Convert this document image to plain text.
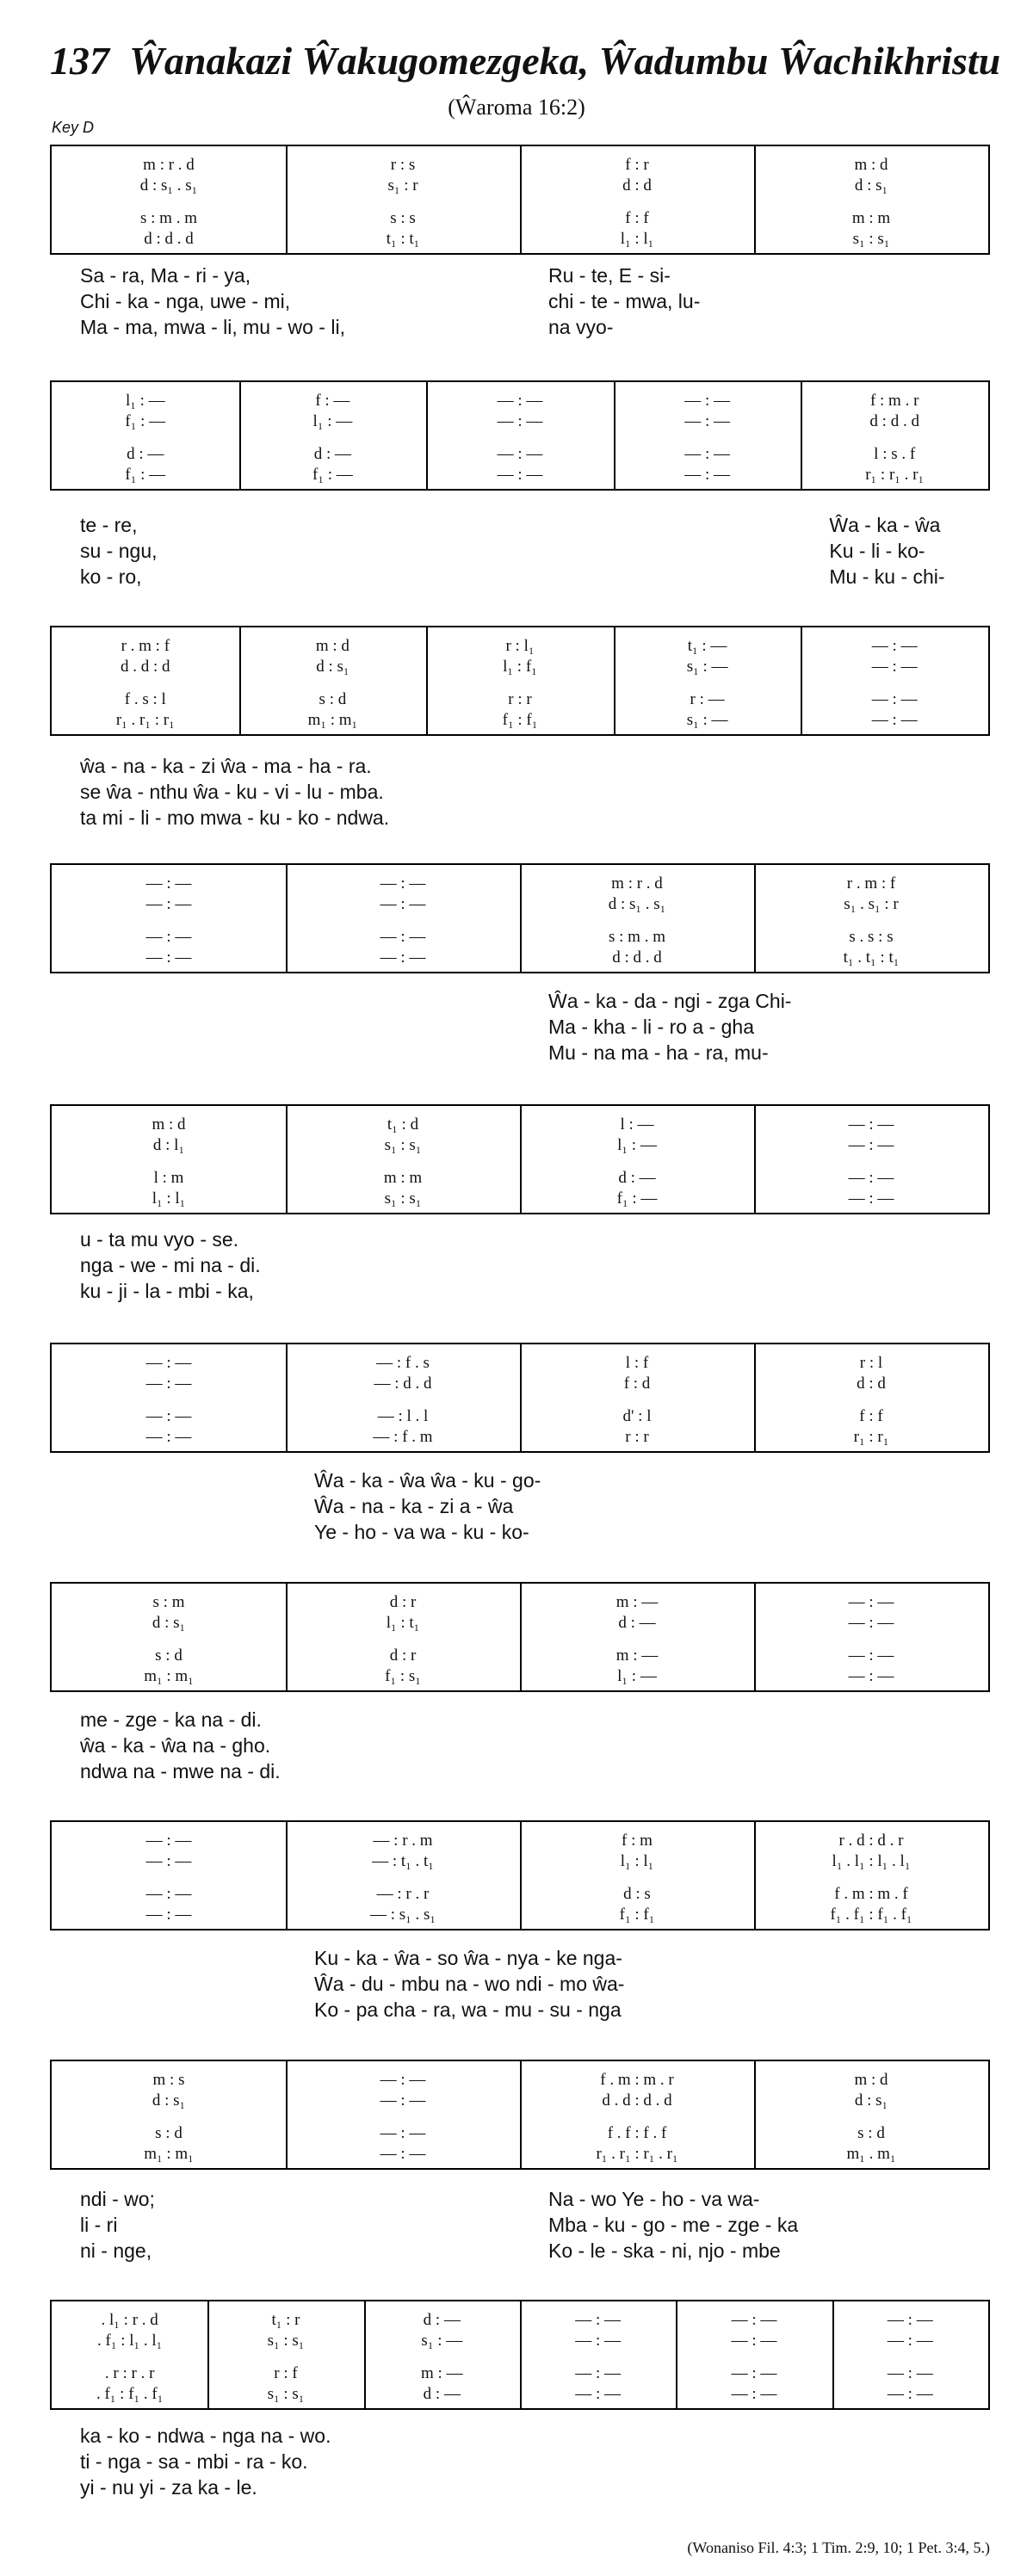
137 Ŵanakazi Ŵakugomezgeka, Ŵadumbu Ŵachikhristu
(Ŵaroma 16:2)
Key D
m : r . d
d : s₁ . s₁
s : m . m
d : d . d
r : s
s₁ : r
s : s
t₁ : t₁
f : r
d : d
f : f
l₁ : l₁
m : d
d : s₁
m : m
s₁ : s₁
Sa - ra, Ma - ri - ya,
Chi - ka - nga, uwe - mi,
Ma - ma, mwa - li, mu - wo - li,
Ru - te, E - si-
chi - te - mwa, lu-
na vyo-
l₁ : —
f₁ : —
d : —
f₁ : —
f : —
l₁ : —
d : —
f₁ : —
— : —
— : —
— : —
— : —
— : —
— : —
— : —
— : —
f : m . r
d : d . d
l : s . f
r₁ : r₁ . r₁
te - re,
su - ngu,
ko - ro,
Ŵa - ka - ŵa
Ku - li - ko-
Mu - ku - chi-
r . m : f
d . d : d
f . s : l
r₁ . r₁ : r₁
m : d
d : s₁
s : d
m₁ : m₁
r : l₁
l₁ : f₁
r : r
f₁ : f₁
t₁ : —
s₁ : —
r : —
s₁ : —
— : —
— : —
— : —
— : —
ŵa - na - ka - zi ŵa - ma - ha - ra.
se ŵa - nthu ŵa - ku - vi - lu - mba.
ta mi - li - mo mwa - ku - ko - ndwa.
— : —
— : —
— : —
— : —
— : —
— : —
— : —
— : —
m : r . d
d : s₁ . s₁
s : m . m
d : d . d
r . m : f
s₁ . s₁ : r
s . s : s
t₁ . t₁ : t₁
Ŵa - ka - da - ngi - zga Chi-
Ma - kha - li - ro a - gha
Mu - na ma - ha - ra, mu-
m : d
d : l₁
l : m
l₁ : l₁
t₁ : d
s₁ : s₁
m : m
s₁ : s₁
l : —
l₁ : —
d : —
f₁ : —
— : —
— : —
— : —
— : —
u - ta mu vyo - se.
nga - we - mi na - di.
ku - ji - la - mbi - ka,
— : —
— : —
— : —
— : —
— : f . s
— : d . d
— : l . l
— : f . m
l : f
f : d
d' : l
r : r
r : l
d : d
f : f
r₁ : r₁
Ŵa - ka - ŵa ŵa - ku - go-
Ŵa - na - ka - zi a - ŵa
Ye - ho - va wa - ku - ko-
s : m
d : s₁
s : d
m₁ : m₁
d : r
l₁ : t₁
d : r
f₁ : s₁
m : —
d : —
m : —
l₁ : —
— : —
— : —
— : —
— : —
me - zge - ka na - di.
ŵa - ka - ŵa na - gho.
ndwa na - mwe na - di.
— : —
— : —
— : —
— : —
— : r . m
— : t₁ . t₁
— : r . r
— : s₁ . s₁
f : m
l₁ : l₁
d : s
f₁ : f₁
r . d : d . r
l₁ . l₁ : l₁ . l₁
f . m : m . f
f₁ . f₁ : f₁ . f₁
Ku - ka - ŵa - so ŵa - nya - ke nga-
Ŵa - du - mbu na - wo ndi - mo ŵa-
Ko - pa cha - ra, wa - mu - su - nga
m : s
d : s₁
s : d
m₁ : m₁
— : —
— : —
— : —
— : —
f . m : m . r
d . d : d . d
f . f : f . f
r₁ . r₁ : r₁ . r₁
m : d
d : s₁
s : d
m₁ . m₁
ndi - wo;
li - ri
ni - nge,
Na - wo Ye - ho - va wa-
Mba - ku - go - me - zge - ka
Ko - le - ska - ni, njo - mbe
. l₁ : r . d
. f₁ : l₁ . l₁
. r : r . r
. f₁ : f₁ . f₁
t₁ : r
s₁ : s₁
r : f
s₁ : s₁
d : —
s₁ : —
m : —
d : —
— : —
— : —
— : —
— : —
— : —
— : —
— : —
— : —
— : —
— : —
— : —
— : —
ka - ko - ndwa - nga na - wo.
ti - nga - sa - mbi - ra - ko.
yi - nu yi - za ka - le.
(Wonaniso Fil. 4:3; 1 Tim. 2:9, 10; 1 Pet. 3:4, 5.)
